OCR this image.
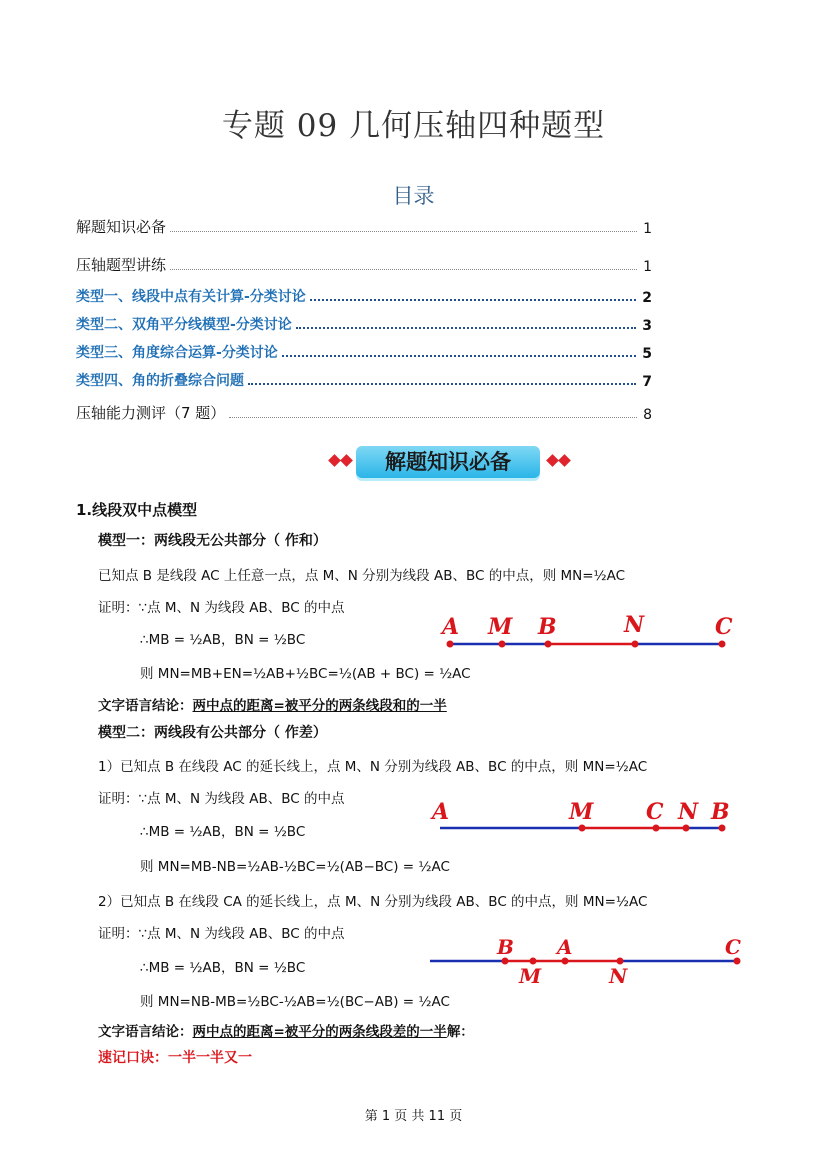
专题 09 几何压轴四种题型
目录
解题知识必备	1
压轴题型讲练	1
类型一、线段中点有关计算-分类讨论	2
类型二、双角平分线模型-分类讨论	3
类型三、角度综合运算-分类讨论	5
类型四、角的折叠综合问题	7
压轴能力测评（7 题）	8
解题知识必备
1.线段双中点模型
模型一：两线段无公共部分（ 作和）
已知点 B 是线段 AC 上任意一点，点 M、N 分别为线段 AB、BC 的中点，则 MN=½AC
证明：∵点 M、N 为线段 AB、BC 的中点
∴MB = ½AB，BN = ½BC
则 MN=MB+EN=½AB+½BC=½(AB + BC) = ½AC
A M B	N	C
文字语言结论：两中点的距离=被平分的两条线段和的一半
模型二：两线段有公共部分（ 作差）
1）已知点 B 在线段 AC 的延长线上，点 M、N 分别为线段 AB、BC 的中点，则 MN=½AC
证明：∵点 M、N 为线段 AB、BC 的中点
∴MB = ½AB，BN = ½BC
则 MN=MB-NB=½AB-½BC=½(AB−BC) = ½AC
A	M C N B
2）已知点 B 在线段 CA 的延长线上，点 M、N 分别为线段 AB、BC 的中点，则 MN=½AC
证明：∵点 M、N 为线段 AB、BC 的中点
∴MB = ½AB，BN = ½BC
则 MN=NB-MB=½BC-½AB=½(BC−AB) = ½AC
B A	C
M	N
文字语言结论：两中点的距离=被平分的两条线段差的一半解：
速记口诀：一半一半又一
第 1 页 共 11 页
